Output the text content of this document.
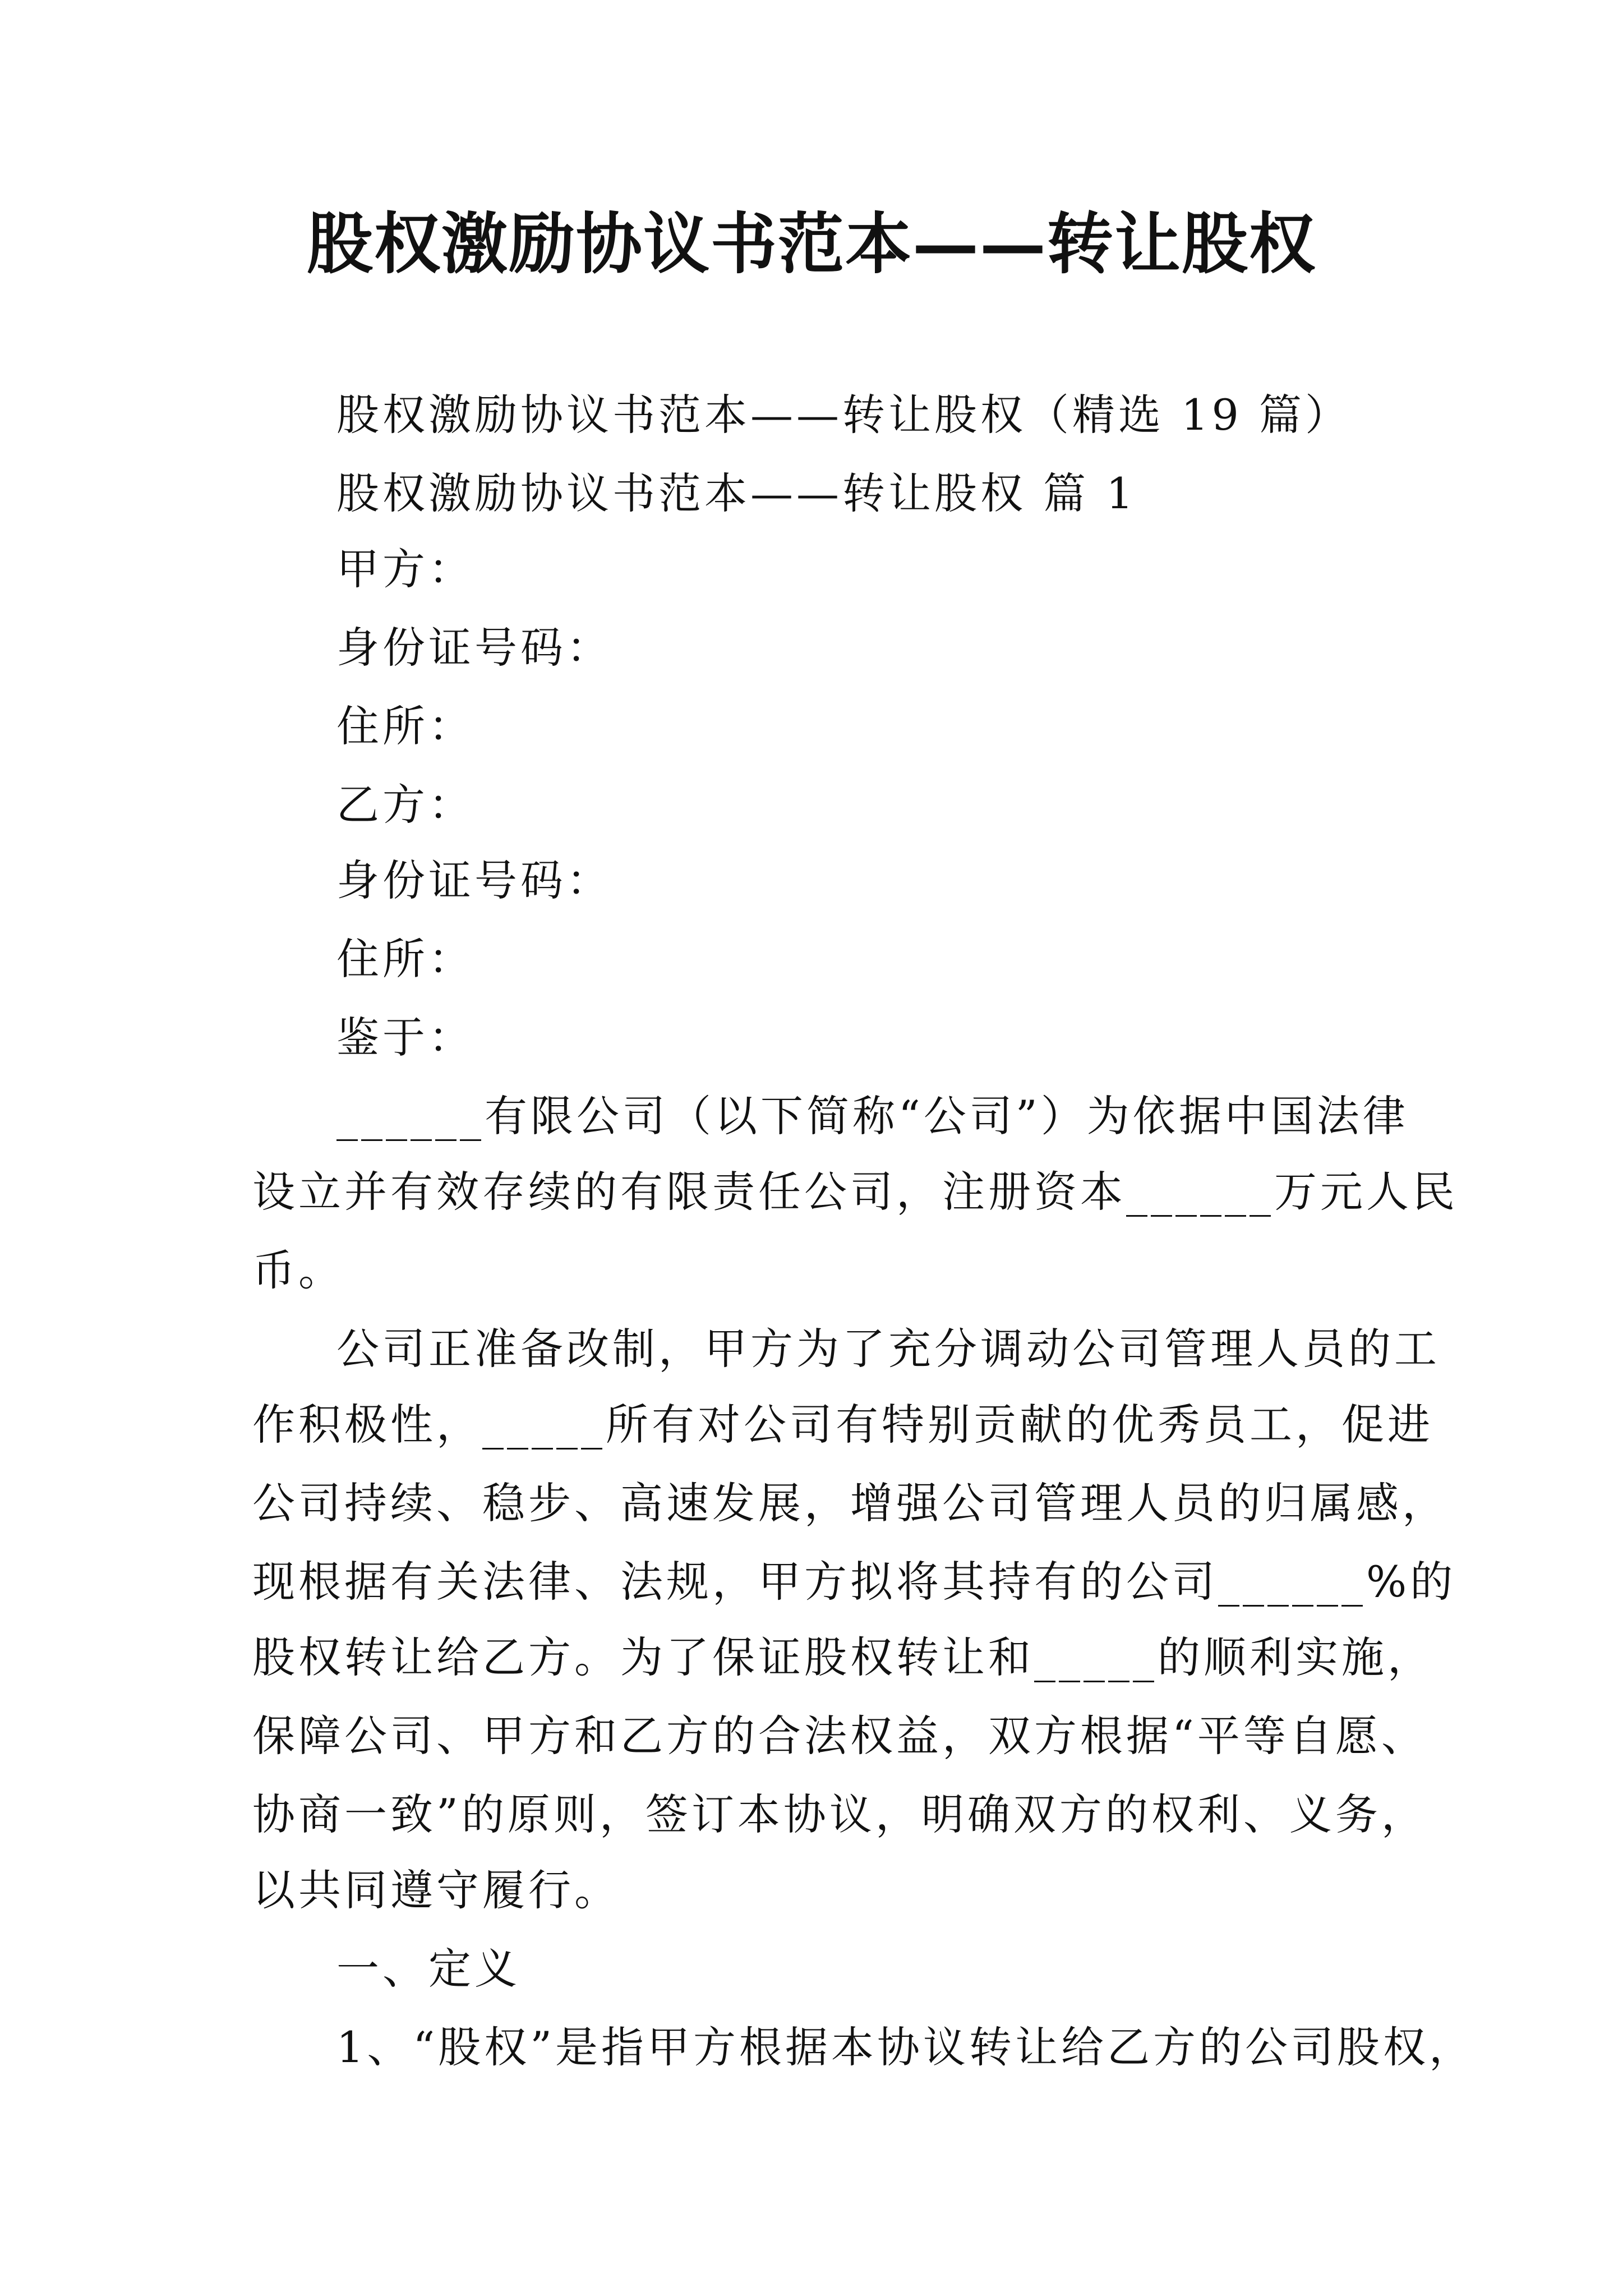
股权激励协议书范本——转让股权
股权激励协议书范本——转让股权（精选 19 篇）
股权激励协议书范本——转让股权 篇 1
甲方：
身份证号码：
住所：
乙方：
身份证号码：
住所：
鉴于：
______有限公司（以下简称“公司”）为依据中国法律
设立并有效存续的有限责任公司，注册资本______万元人民
币。
公司正准备改制，甲方为了充分调动公司管理人员的工
作积极性，_____所有对公司有特别贡献的优秀员工，促进
公司持续、稳步、高速发展，增强公司管理人员的归属感，
现根据有关法律、法规，甲方拟将其持有的公司______%的
股权转让给乙方。为了保证股权转让和_____的顺利实施，
保障公司、甲方和乙方的合法权益，双方根据“平等自愿、
协商一致”的原则，签订本协议，明确双方的权利、义务，
以共同遵守履行。
一、定义
1、“股权”是指甲方根据本协议转让给乙方的公司股权，
